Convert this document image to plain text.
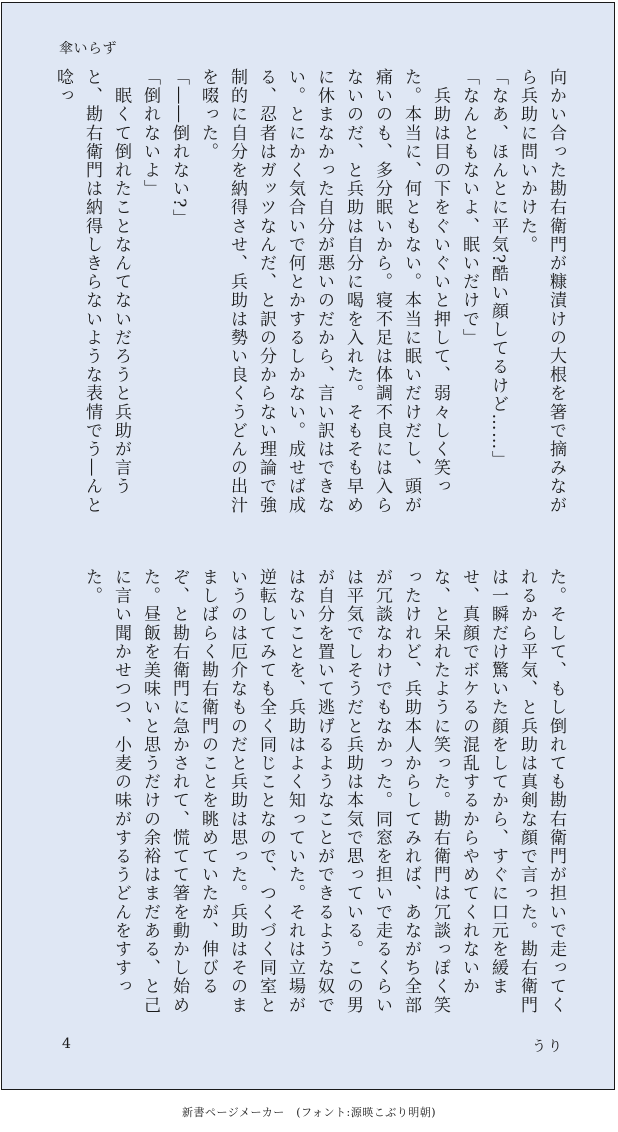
傘いらず
向かい合った勘右衛門が糠漬けの大根を箸で摘みながら兵助に問いかけた。
「なあ、ほんとに平気?酷い顔してるけど……」
「なんともないよ、眠いだけで」
　兵助は目の下をぐいぐいと押して、弱々しく笑った。本当に、何ともない。本当に眠いだけだし、頭が痛いのも、多分眠いから。寝不足は体調不良には入らないのだ、と兵助は自分に喝を入れた。そもそも早めに休まなかった自分が悪いのだから、言い訳はできない。とにかく気合いで何とかするしかない。成せば成る、忍者はガッツなんだ、と訳の分からない理論で強制的に自分を納得させ、兵助は勢い良くうどんの出汁を啜った。
「――倒れない?」
「倒れないよ」
　眠くて倒れたことなんてないだろうと兵助が言うと、勘右衛門は納得しきらないような表情でう―んと唸っ
た。そして、もし倒れても勘右衛門が担いで走ってくれるから平気、と兵助は真剣な顔で言った。勘右衛門は一瞬だけ驚いた顔をしてから、すぐに口元を緩ませ、真顔でボケるの混乱するからやめてくれないかな、と呆れたように笑った。勘右衛門は冗談っぽく笑ったけれど、兵助本人からしてみれば、あながち全部が冗談なわけでもなかった。同窓を担いで走るくらいは平気でしそうだと兵助は本気で思っている。この男が自分を置いて逃げるようなことができるような奴ではないことを、兵助はよく知っていた。それは立場が逆転してみても全く同じことなので、つくづく同室というのは厄介なものだと兵助は思った。兵助はそのまましばらく勘右衛門のことを眺めていたが、伸びるぞ、と勘右衛門に急かされて、慌てて箸を動かし始めた。昼飯を美味いと思うだけの余裕はまだある、と己に言い聞かせつつ、小麦の味がするうどんをすすった。
4	うり
新書ページメーカー　(フォント:源暎こぶり明朝)
